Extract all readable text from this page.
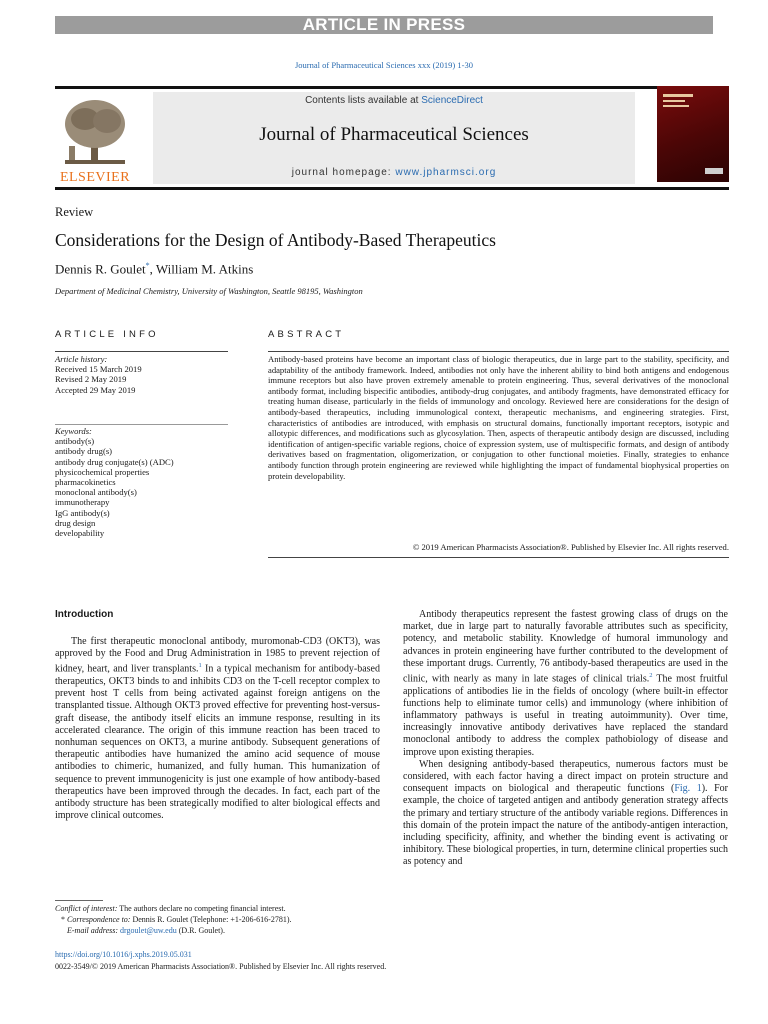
ARTICLE IN PRESS
Journal of Pharmaceutical Sciences xxx (2019) 1-30
ELSEVIER
Contents lists available at ScienceDirect
Journal of Pharmaceutical Sciences
journal homepage: www.jpharmsci.org
Review
Considerations for the Design of Antibody-Based Therapeutics
Dennis R. Goulet*, William M. Atkins
Department of Medicinal Chemistry, University of Washington, Seattle 98195, Washington
ARTICLE INFO	ABSTRACT
Article history:
Received 15 March 2019
Revised 2 May 2019
Accepted 29 May 2019
Keywords:
antibody(s)
antibody drug(s)
antibody drug conjugate(s) (ADC)
physicochemical properties
pharmacokinetics
monoclonal antibody(s)
immunotherapy
IgG antibody(s)
drug design
developability
Antibody-based proteins have become an important class of biologic therapeutics, due in large part to the stability, specificity, and adaptability of the antibody framework. Indeed, antibodies not only have the inherent ability to bind both antigens and endogenous immune receptors but also have proven extremely amenable to protein engineering. Thus, several derivatives of the monoclonal antibody format, including bispecific antibodies, antibody-drug conjugates, and antibody fragments, have demonstrated efficacy for treating human disease, particularly in the fields of immunology and oncology. Reviewed here are considerations for the design of antibody-based therapeutics, including immunological context, therapeutic mechanisms, and engineering strategies. First, characteristics of antibodies are introduced, with emphasis on structural domains, functionally important receptors, isotypic and allotypic differences, and modifications such as glycosylation. Then, aspects of therapeutic antibody design are discussed, including identification of antigen-specific variable regions, choice of expression system, use of multispecific formats, and design of antibody derivatives based on fragmentation, oligomerization, or conjugation to other functional moieties. Finally, strategies to enhance antibody function through protein engineering are reviewed while highlighting the impact of fundamental biophysical properties on protein developability.
© 2019 American Pharmacists Association®. Published by Elsevier Inc. All rights reserved.
Introduction

The first therapeutic monoclonal antibody, muromonab-CD3 (OKT3), was approved by the Food and Drug Administration in 1985 to prevent rejection of kidney, heart, and liver transplants.$^1$ In a typical mechanism for antibody-based therapeutics, OKT3 binds to and inhibits CD3 on the T-cell receptor complex to prevent host T cells from being activated against foreign antigens on the transplanted tissue. Although OKT3 proved effective for preventing host-versus-graft disease, the antibody itself elicits an immune response, resulting in its accelerated clearance. The origin of this immune reaction has been traced to nonhuman sequences on OKT3, a murine antibody. Subsequent generations of therapeutic antibodies have humanized the amino acid sequence of mouse antibodies to chimeric, humanized, and fully human. This humanization of sequence to prevent immunogenicity is just one example of how antibody-based therapeutics have been improved through the decades. In fact, each part of the antibody structure has been strategically modified to alter biological effects and improve clinical outcomes.

Antibody therapeutics represent the fastest growing class of drugs on the market, due in large part to naturally favorable attributes such as specificity, potency, and metabolic stability. Knowledge of humoral immunology and advances in protein engineering have further contributed to the development of these important drugs. Currently, 76 antibody-based therapeutics are used in the clinic, with nearly as many in late stages of clinical trials.$^2$ The most fruitful applications of antibodies lie in the fields of oncology (where built-in effector functions help to eliminate tumor cells) and immunology (where inhibition of inflammatory pathways is useful in treating autoimmunity). Over time, increasingly innovative antibody derivatives have replaced the standard monoclonal antibody to address the complex pathobiology of disease and improve upon existing therapies.

When designing antibody-based therapeutics, numerous factors must be considered, with each factor having a direct impact on protein structure and consequent impacts on biological and therapeutic functions (Fig. 1). For example, the choice of targeted antigen and antibody generation strategy affects the primary and tertiary structure of the antibody variable regions. Differences in this domain of the protein impact the nature of the antibody-antigen interaction, including specificity, affinity, and whether the binding event is activating or inhibitory. These biological properties, in turn, determine clinical properties such as potency and

Conflict of interest: The authors declare no competing financial interest.
* Correspondence to: Dennis R. Goulet (Telephone: +1-206-616-2781).
E-mail address: drgoulet@uw.edu (D.R. Goulet).
https://doi.org/10.1016/j.xphs.2019.05.031
0022-3549/© 2019 American Pharmacists Association®. Published by Elsevier Inc. All rights reserved.
